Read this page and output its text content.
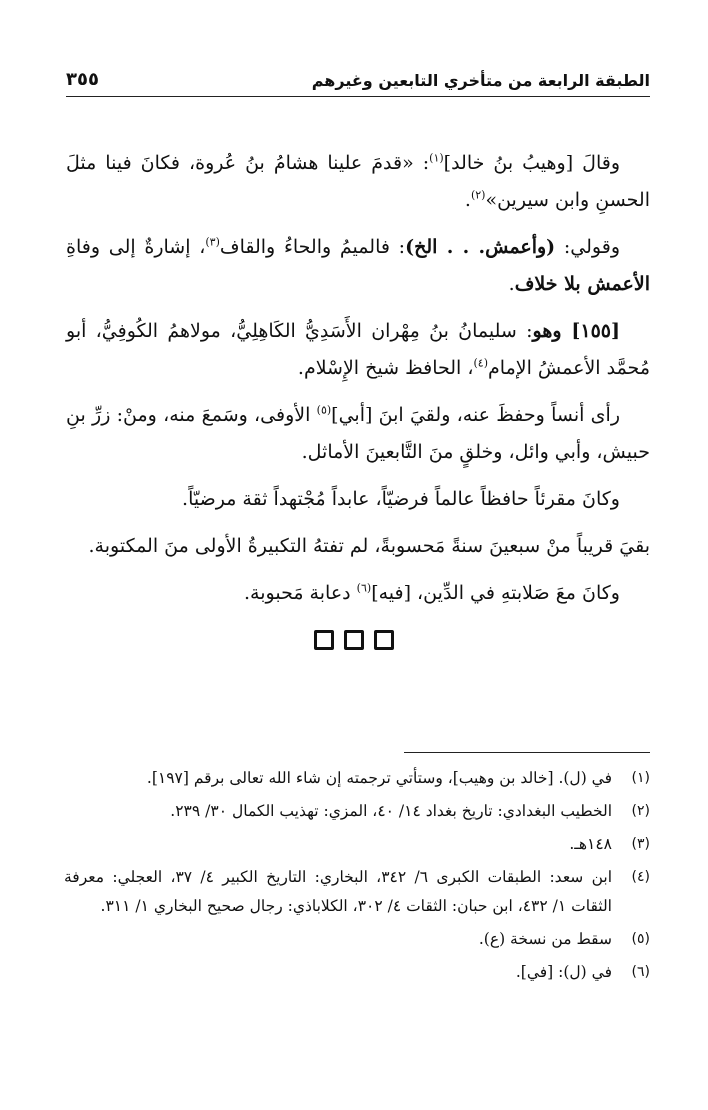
الطبقة الرابعة من متأخري التابعين وغيرهم
٣٥٥

وقالَ [وهيبُ بنُ خالد]$^{(١)}$: «قدمَ علينا هشامُ بنُ عُروة، فكانَ فينا مثلَ الحسنِ وابن سيرين»$^{(٢)}$.

وقولي: (وأعمش. . . الخ): فالميمُ والحاءُ والقاف$^{(٣)}$، إشارةٌ إلى وفاةِ الأعمش بلا خلاف.

[١٥٥] وهو: سليمانُ بنُ مِهْران الأَسَدِيُّ الكَاهِلِيُّ، مولاهمُ الكُوفِيُّ، أبو مُحمَّد الأعمشُ الإمام$^{(٤)}$، الحافظ شيخ الإِسْلام.

رأى أنساً وحفظَ عنه، ولقيَ ابنَ [أبي]$^{(٥)}$ الأوفى، وسَمعَ منه، ومنْ: زرِّ بنِ حبيش، وأبي وائل، وخلقٍ منَ التَّابعينَ الأماثل.

وكانَ مقرئاً حافظاً عالماً فرضيّاً، عابداً مُجْتهداً ثقة مرضيّاً.

بقيَ قريباً منْ سبعينَ سنةً مَحسوبةً، لم تفتهُ التكبيرةُ الأولى منَ المكتوبة.

وكانَ معَ صَلابتهِ في الدِّين، [فيه]$^{(٦)}$ دعابة مَحبوبة.

(١)
في (ل). [خالد بن وهيب]، وستأتي ترجمته إن شاء الله تعالى برقم [١٩٧].
(٢)
الخطيب البغدادي: تاريخ بغداد ١٤/ ٤٠، المزي: تهذيب الكمال ٣٠/ ٢٣٩.
(٣)
١٤٨هـ.
(٤)
ابن سعد: الطبقات الكبرى ٦/ ٣٤٢، البخاري: التاريخ الكبير ٤/ ٣٧، العجلي: معرفة الثقات ١/ ٤٣٢، ابن حبان: الثقات ٤/ ٣٠٢، الكلاباذي: رجال صحيح البخاري ١/ ٣١١.
(٥)
سقط من نسخة (ع).
(٦)
في (ل): [في].
